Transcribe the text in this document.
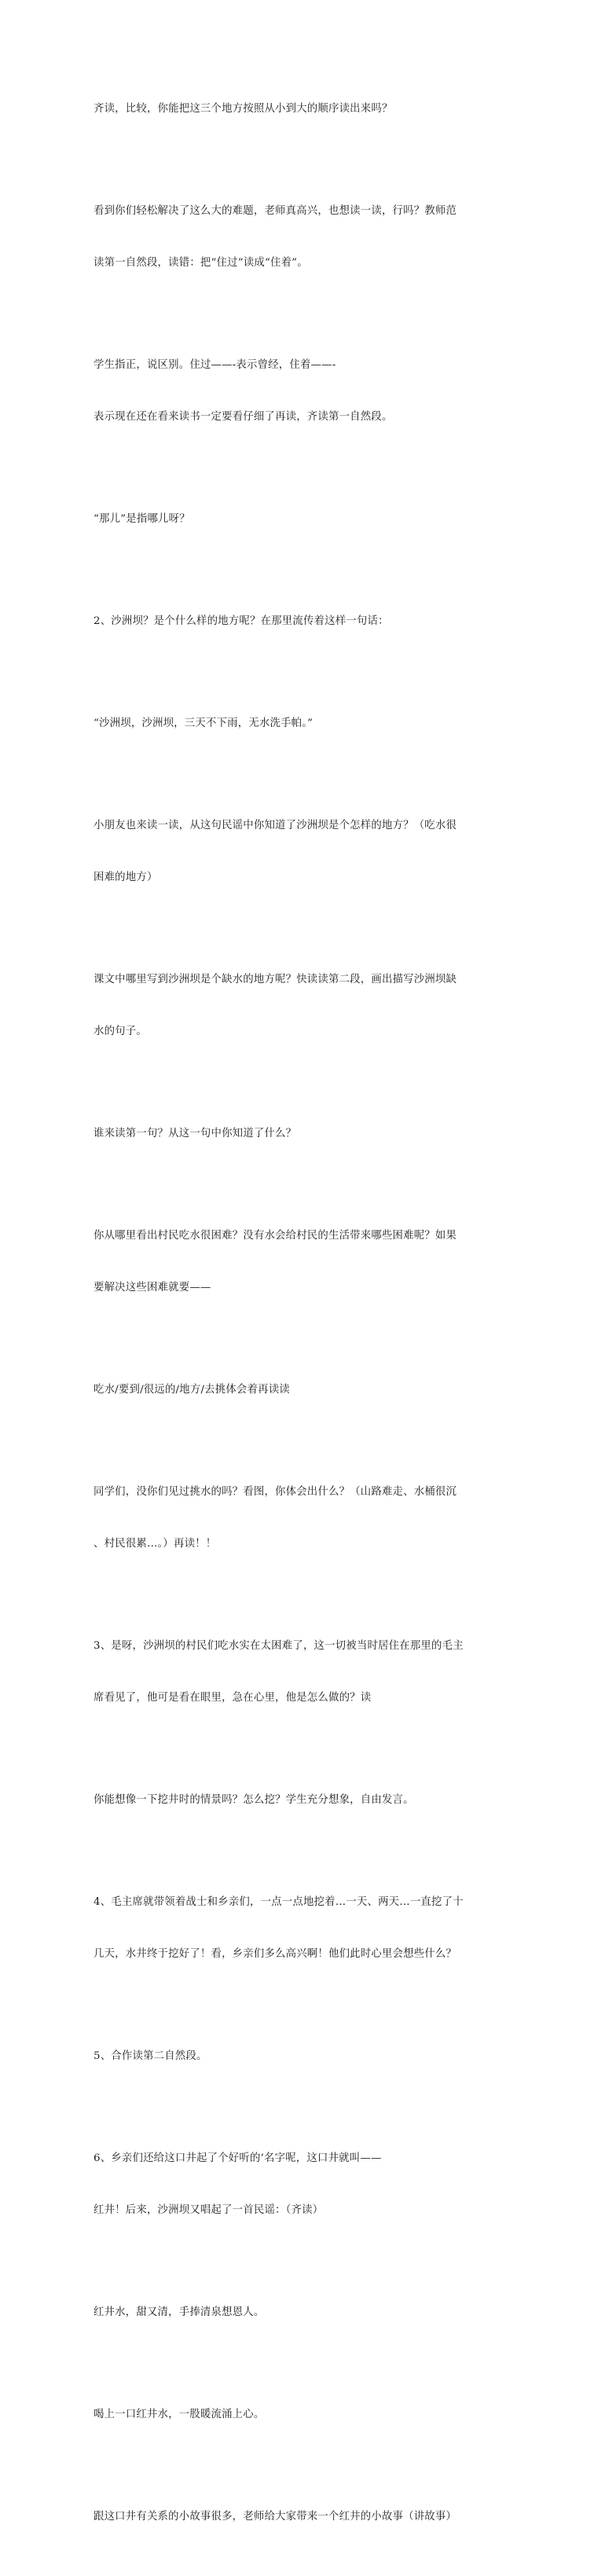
齐读，比较，你能把这三个地方按照从小到大的顺序读出来吗？

看到你们轻松解决了这么大的难题，老师真高兴，也想读一读，行吗？教师范

读第一自然段，读错：把“住过”读成“住着”。

学生指正，说区别。住过——-表示曾经，住着——-

表示现在还在看来读书一定要看仔细了再读，齐读第一自然段。

“那儿”是指哪儿呀？

2、沙洲坝？是个什么样的地方呢？在那里流传着这样一句话：

“沙洲坝，沙洲坝，三天不下雨，无水洗手帕。”

小朋友也来读一读，从这句民谣中你知道了沙洲坝是个怎样的地方？（吃水很

困难的地方）

课文中哪里写到沙洲坝是个缺水的地方呢？快读读第二段，画出描写沙洲坝缺

水的句子。

谁来读第一句？从这一句中你知道了什么？

你从哪里看出村民吃水很困难？没有水会给村民的生活带来哪些困难呢？如果

要解决这些困难就要——

吃水/要到/很远的/地方/去挑体会着再读读

同学们，没你们见过挑水的吗？看图，你体会出什么？（山路难走、水桶很沉

、村民很累…。）再读！！

3、是呀，沙洲坝的村民们吃水实在太困难了，这一切被当时居住在那里的毛主

席看见了，他可是看在眼里，急在心里，他是怎么做的？读

你能想像一下挖井时的情景吗？怎么挖？学生充分想象，自由发言。

4、毛主席就带领着战士和乡亲们，一点一点地挖着…一天、两天…一直挖了十

几天，水井终于挖好了！看，乡亲们多么高兴啊！他们此时心里会想些什么？

5、合作读第二自然段。

6、乡亲们还给这口井起了个好听的’名字呢，这口井就叫——

红井！后来，沙洲坝又唱起了一首民谣：（齐读）

红井水，甜又清，手捧清泉想恩人。

喝上一口红井水，一股暖流涌上心。

跟这口井有关系的小故事很多，老师给大家带来一个红井的小故事（讲故事）
